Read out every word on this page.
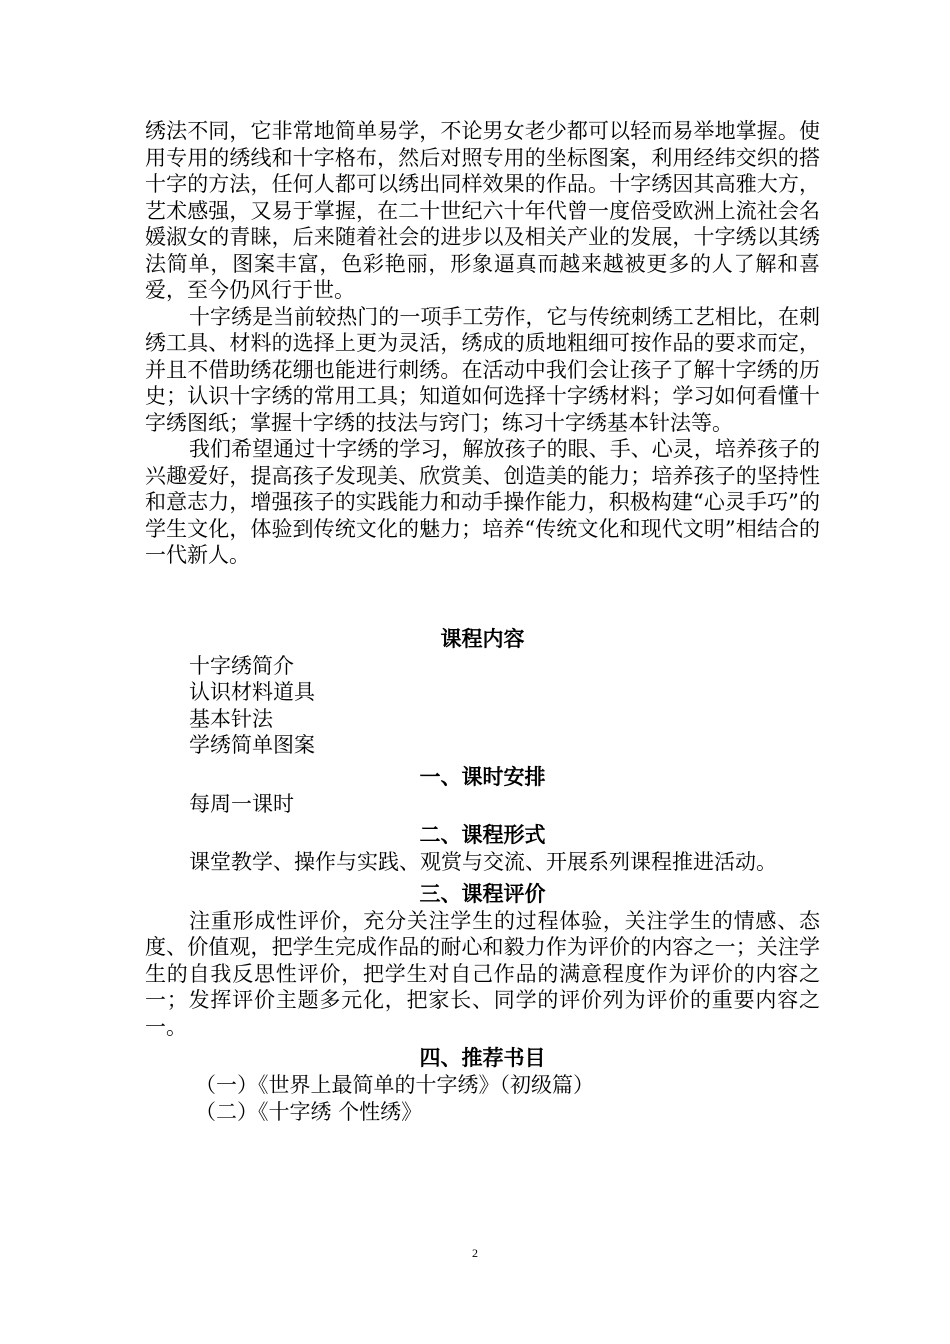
绣法不同，它非常地简单易学，不论男女老少都可以轻而易举地掌握。使用专用的绣线和十字格布，然后对照专用的坐标图案，利用经纬交织的搭十字的方法，任何人都可以绣出同样效果的作品。十字绣因其高雅大方，艺术感强，又易于掌握，在二十世纪六十年代曾一度倍受欧洲上流社会名媛淑女的青睐，后来随着社会的进步以及相关产业的发展，十字绣以其绣法简单，图案丰富，色彩艳丽，形象逼真而越来越被更多的人了解和喜爱，至今仍风行于世。

十字绣是当前较热门的一项手工劳作，它与传统刺绣工艺相比，在刺绣工具、材料的选择上更为灵活，绣成的质地粗细可按作品的要求而定，并且不借助绣花绷也能进行刺绣。在活动中我们会让孩子了解十字绣的历史；认识十字绣的常用工具；知道如何选择十字绣材料；学习如何看懂十字绣图纸；掌握十字绣的技法与窍门；练习十字绣基本针法等。

我们希望通过十字绣的学习，解放孩子的眼、手、心灵，培养孩子的兴趣爱好，提高孩子发现美、欣赏美、创造美的能力；培养孩子的坚持性和意志力，增强孩子的实践能力和动手操作能力，积极构建“心灵手巧”的学生文化，体验到传统文化的魅力；培养“传统文化和现代文明”相结合的一代新人。

课程内容

十字绣简介

认识材料道具

基本针法

学绣简单图案

一、课时安排

每周一课时

二、课程形式

课堂教学、操作与实践、观赏与交流、开展系列课程推进活动。

三、课程评价

注重形成性评价，充分关注学生的过程体验，关注学生的情感、态度、价值观，把学生完成作品的耐心和毅力作为评价的内容之一；关注学生的自我反思性评价，把学生对自己作品的满意程度作为评价的内容之一；发挥评价主题多元化，把家长、同学的评价列为评价的重要内容之一。

四、推荐书目

（一）《世界上最简单的十字绣》（初级篇）

（二）《十字绣 个性绣》

2
